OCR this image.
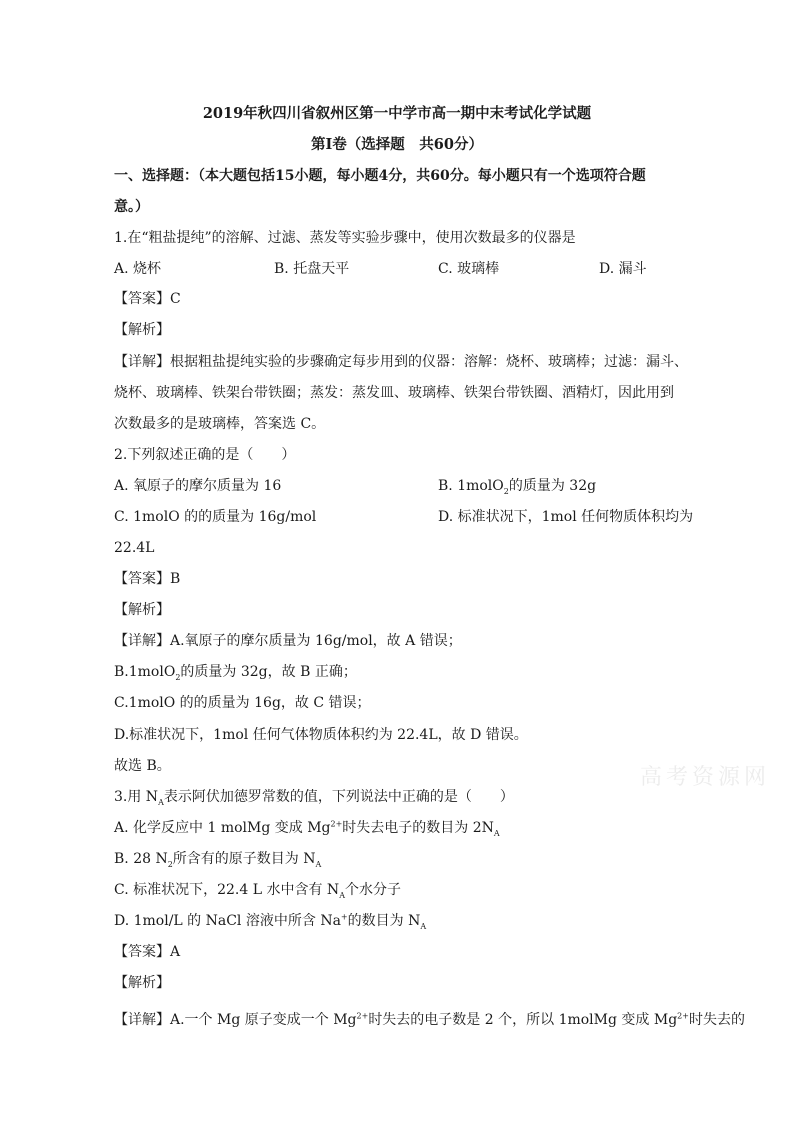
2019年秋四川省叙州区第一中学市高一期中末考试化学试题
第Ⅰ卷（选择题　共60分）
一、选择题：（本大题包括15小题，每小题4分，共60分。每小题只有一个选项符合题
意。）
1.在“粗盐提纯”的溶解、过滤、蒸发等实验步骤中，使用次数最多的仪器是
A. 烧杯	B. 托盘天平	C. 玻璃棒	D. 漏斗
【答案】C
【解析】
【详解】根据粗盐提纯实验的步骤确定每步用到的仪器：溶解：烧杯、玻璃棒；过滤：漏斗、
烧杯、玻璃棒、铁架台带铁圈；蒸发：蒸发皿、玻璃棒、铁架台带铁圈、酒精灯，因此用到
次数最多的是玻璃棒，答案选 C。
2.下列叙述正确的是（　　）
A. 氧原子的摩尔质量为 16	B. 1molO$_2$的质量为 32g
C. 1molO 的的质量为 16g/mol	D. 标准状况下，1mol 任何物质体积均为
22.4L
【答案】B
【解析】
【详解】A.氧原子的摩尔质量为 16g/mol，故 A 错误；
B.1molO$_2$的质量为 32g，故 B 正确；
C.1molO 的的质量为 16g，故 C 错误；
D.标准状况下，1mol 任何气体物质体积约为 22.4L，故 D 错误。
故选 B。	高考资源网
3.用 $N_A$表示阿伏加德罗常数的值，下列说法中正确的是（　　）
A. 化学反应中 1 molMg 变成 $Mg^{2+}$时失去电子的数目为 $2N_A$
B. 28 $N_2$所含有的原子数目为 $N_A$
C. 标准状况下，22.4 L 水中含有 $N_A$个水分子
D. 1mol/L 的 NaCl 溶液中所含 Na+的数目为 $N_A$
【答案】A
【解析】
【详解】A.一个 Mg 原子变成一个 $Mg^{2+}$时失去的电子数是 2 个，所以 1molMg 变成 $Mg^{2+}$时失去的
